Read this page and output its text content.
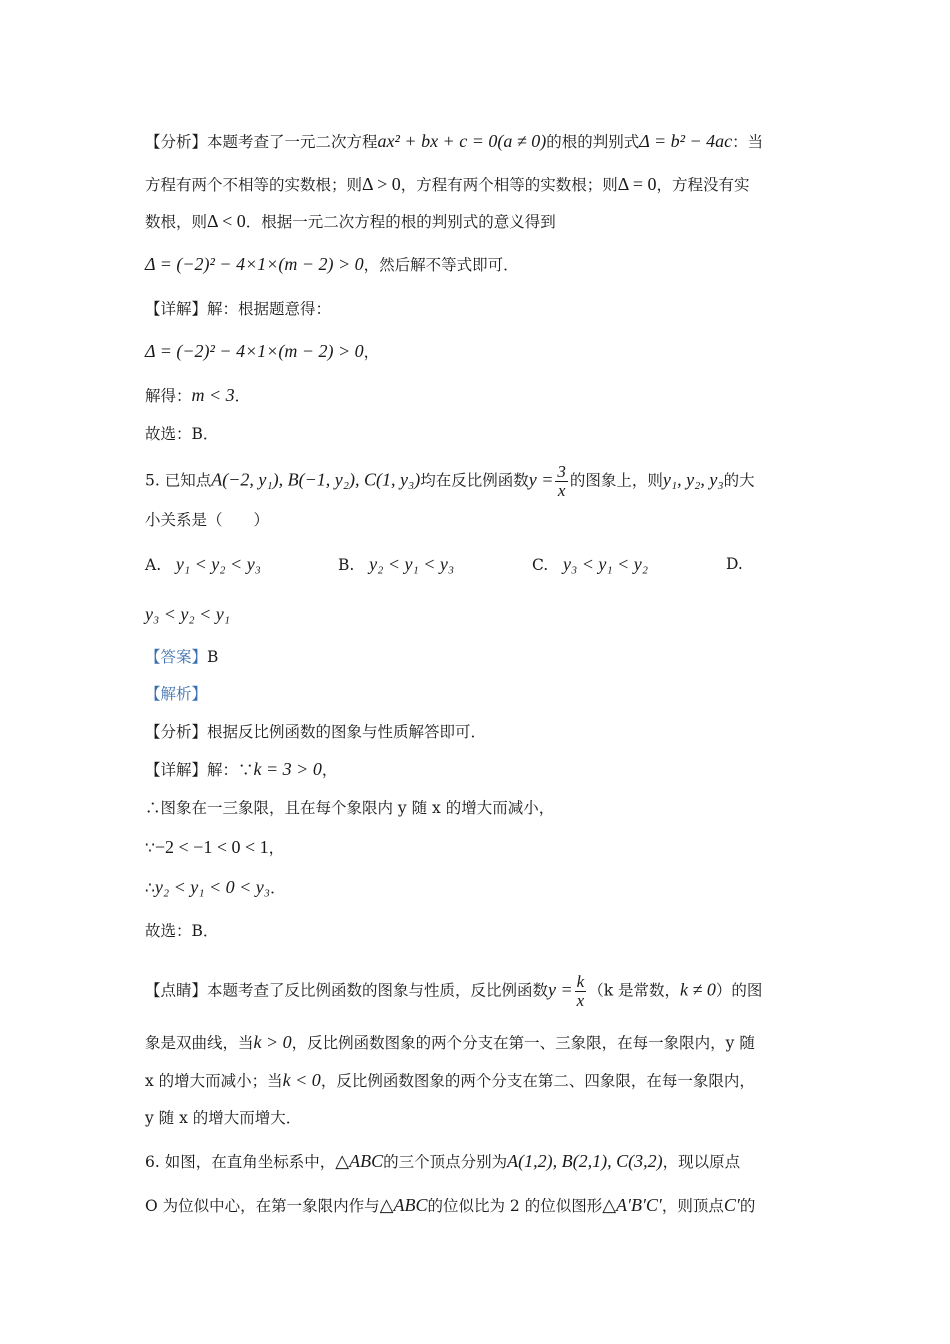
【分析】本题考查了一元二次方程ax² + bx + c = 0(a ≠ 0)的根的判别式Δ = b² − 4ac：当
方程有两个不相等的实数根；则Δ > 0，方程有两个相等的实数根；则Δ = 0，方程没有实
数根，则Δ < 0．根据一元二次方程的根的判别式的意义得到
Δ = (−2)² − 4×1×(m − 2) > 0，然后解不等式即可．
【详解】解：根据题意得：
Δ = (−2)² − 4×1×(m − 2) > 0，
解得：m < 3．
故选：B．
5. 已知点A(−2, y₁), B(−1, y₂), C(1, y₃)均在反比例函数$y = \frac{3}{x}$ 的图象上，则y₁, y₂, y₃的大
小关系是（　　）
A. y₁ < y₂ < y₃	B. y₂ < y₁ < y₃	C. y₃ < y₁ < y₂	D.
y₃ < y₂ < y₁
【答案】B
【解析】
【分析】根据反比例函数的图象与性质解答即可．
【详解】解：∵k = 3 > 0，
∴图象在一三象限，且在每个象限内 y 随 x 的增大而减小，
∵−2 < −1 < 0 < 1，
∴y₂ < y₁ < 0 < y₃．
故选：B．
【点睛】本题考查了反比例函数的图象与性质，反比例函数$y = \frac{k}{x} (k$ 是常数，k ≠ 0）的图
象是双曲线，当k > 0，反比例函数图象的两个分支在第一、三象限，在每一象限内，y 随
x 的增大而减小；当k < 0，反比例函数图象的两个分支在第二、四象限，在每一象限内，
y 随 x 的增大而增大．
6. 如图，在直角坐标系中，△ABC的三个顶点分别为A(1,2), B(2,1), C(3,2)，现以原点
O 为位似中心，在第一象限内作与△ABC的位似比为 2 的位似图形△A′B′C′，则顶点C′的
